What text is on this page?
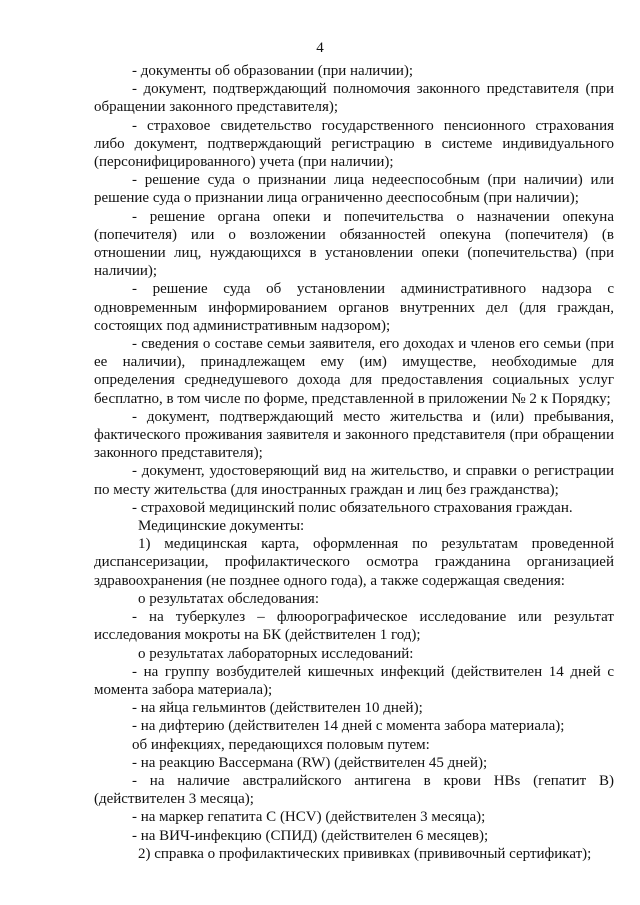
4

- документы об образовании (при наличии);

- документ, подтверждающий полномочия законного представителя (при обращении законного представителя);

- страховое свидетельство государственного пенсионного страхования либо документ, подтверждающий регистрацию в системе индивидуального (персонифицированного) учета (при наличии);

- решение суда о признании лица недееспособным (при наличии) или решение суда о признании лица ограниченно дееспособным (при наличии);

- решение органа опеки и попечительства о назначении опекуна (попечителя) или о возложении обязанностей опекуна (попечителя) (в отношении лиц, нуждающихся в установлении опеки (попечительства) (при наличии);

- решение суда об установлении административного надзора с одновременным информированием органов внутренних дел (для граждан, состоящих под административным надзором);

- сведения о составе семьи заявителя, его доходах и членов его семьи (при ее наличии), принадлежащем ему (им) имуществе, необходимые для определения среднедушевого дохода для предоставления социальных услуг бесплатно, в том числе по форме, представленной в приложении № 2 к Порядку;

- документ, подтверждающий место жительства и (или) пребывания, фактического проживания заявителя и законного представителя (при обращении законного представителя);

- документ, удостоверяющий вид на жительство, и справки о регистрации по месту жительства (для иностранных граждан и лиц без гражданства);

- страховой медицинский полис обязательного страхования граждан.

Медицинские документы:

1) медицинская карта, оформленная по результатам проведенной диспансеризации, профилактического осмотра гражданина организацией здравоохранения (не позднее одного года), а также содержащая сведения:

о результатах обследования:

- на туберкулез – флюорографическое исследование или результат исследования мокроты на БК (действителен 1 год);

о результатах лабораторных исследований:

- на группу возбудителей кишечных инфекций (действителен 14 дней с момента забора материала);

- на яйца гельминтов (действителен 10 дней);

- на дифтерию (действителен 14 дней с момента забора материала);

об инфекциях, передающихся половым путем:

- на реакцию Вассермана (RW) (действителен 45 дней);

- на наличие австралийского антигена в крови HBs (гепатит B) (действителен 3 месяца);

- на маркер гепатита C (HCV) (действителен 3 месяца);

- на ВИЧ-инфекцию (СПИД) (действителен 6 месяцев);

2) справка о профилактических прививках (прививочный сертификат);
